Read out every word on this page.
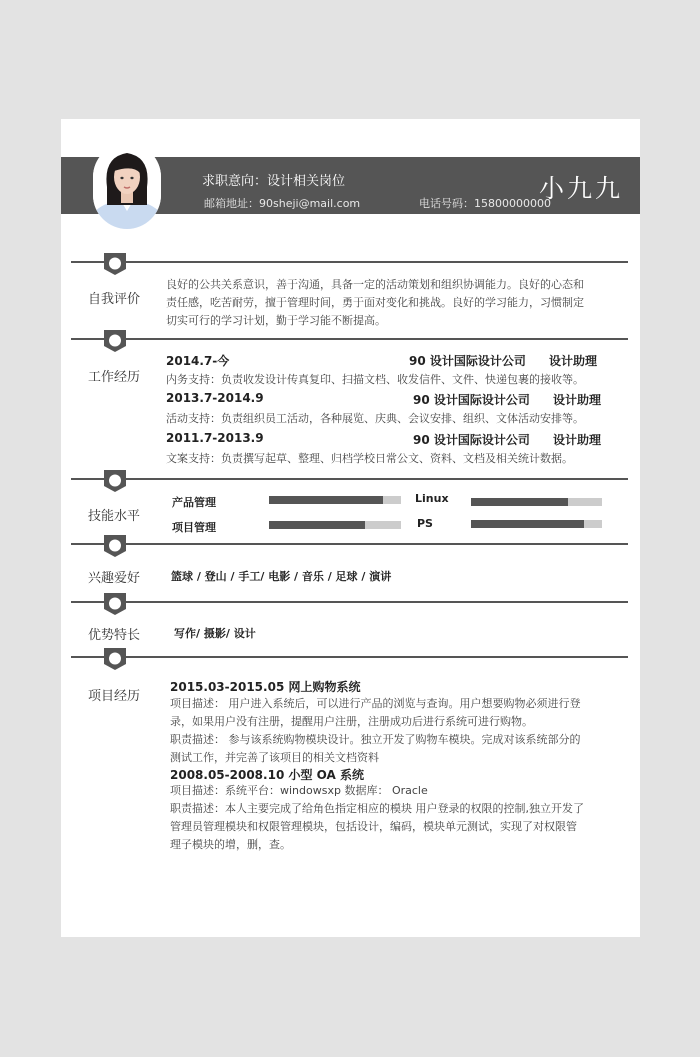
求职意向：设计相关岗位
邮箱地址：90sheji@mail.com	电话号码：15800000000
小九九
自我评价
良好的公共关系意识，善于沟通，具备一定的活动策划和组织协调能力。良好的心态和
责任感，吃苦耐劳，擅于管理时间，勇于面对变化和挑战。良好的学习能力，习惯制定
切实可行的学习计划，勤于学习能不断提高。
工作经历
2014.7-今	90 设计国际设计公司 设计助理
内务支持：负责收发设计传真复印、扫描文档、收发信件、文件、快递包裹的接收等。
2013.7-2014.9	90 设计国际设计公司 设计助理
活动支持：负责组织员工活动，各种展览、庆典、会议安排、组织、文体活动安排等。
2011.7-2013.9	90 设计国际设计公司 设计助理
文案支持：负责撰写起草、整理、归档学校日常公文、资料、文档及相关统计数据。
技能水平
产品管理
项目管理
Linux
PS
兴趣爱好	篮球 / 登山 / 手工/ 电影 / 音乐 / 足球 / 演讲
优势特长	写作/ 摄影/ 设计
项目经历
2015.03-2015.05 网上购物系统
项目描述： 用户进入系统后，可以进行产品的浏览与查询。用户想要购物必须进行登
录，如果用户没有注册，提醒用户注册，注册成功后进行系统可进行购物。
职责描述： 参与该系统购物模块设计。独立开发了购物车模块。完成对该系统部分的
测试工作，并完善了该项目的相关文档资料
2008.05-2008.10 小型 OA 系统
项目描述：系统平台：windowsxp 数据库： Oracle
职责描述：本人主要完成了给角色指定相应的模块 用户登录的权限的控制,独立开发了
管理员管理模块和权限管理模块，包括设计，编码，模块单元测试，实现了对权限管
理子模块的增，删，查。
